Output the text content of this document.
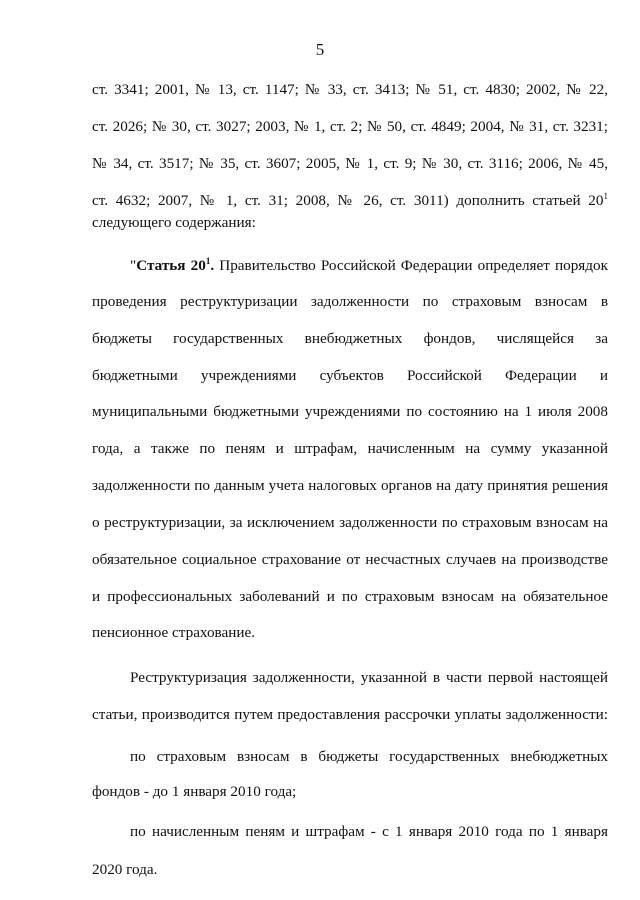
5
ст. 3341; 2001, № 13, ст. 1147; № 33, ст. 3413; № 51, ст. 4830; 2002, № 22,
ст. 2026; № 30, ст. 3027; 2003, № 1, ст. 2; № 50, ст. 4849; 2004, № 31, ст. 3231;
№ 34, ст. 3517; № 35, ст. 3607; 2005, № 1, ст. 9; № 30, ст. 3116; 2006, № 45,
ст. 4632; 2007, № 1, ст. 31; 2008, № 26, ст. 3011) дополнить статьей $20^1$
следующего содержания:
"Статья $20^1$. Правительство Российской Федерации определяет порядок
проведения реструктуризации задолженности по страховым взносам в
бюджеты государственных внебюджетных фондов, числящейся за
бюджетными учреждениями субъектов Российской Федерации и
муниципальными бюджетными учреждениями по состоянию на 1 июля 2008
года, а также по пеням и штрафам, начисленным на сумму указанной
задолженности по данным учета налоговых органов на дату принятия решения
о реструктуризации, за исключением задолженности по страховым взносам на
обязательное социальное страхование от несчастных случаев на производстве
и профессиональных заболеваний и по страховым взносам на обязательное
пенсионное страхование.
Реструктуризация задолженности, указанной в части первой настоящей
статьи, производится путем предоставления рассрочки уплаты задолженности:
по страховым взносам в бюджеты государственных внебюджетных
фондов - до 1 января 2010 года;
по начисленным пеням и штрафам - с 1 января 2010 года по 1 января
2020 года.
